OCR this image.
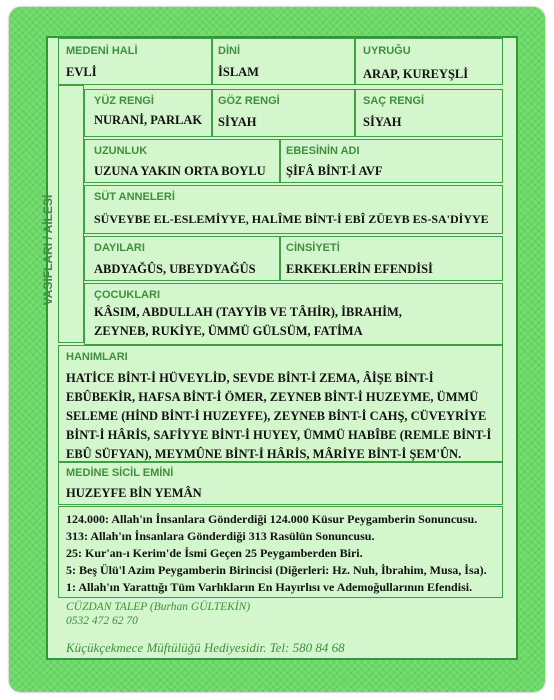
MEDENİ HALİ
EVLİ
DİNİ
İSLAM
UYRUĞU
ARAP, KUREYŞLİ
VASIFLARI / AİLESİ
YÜZ RENGİ
NURANİ, PARLAK
GÖZ RENGİ
SİYAH
SAÇ RENGİ
SİYAH
UZUNLUK
UZUNA YAKIN ORTA BOYLU
EBESİNİN ADI
ŞİFÂ BİNT-İ AVF
SÜT ANNELERİ
SÜVEYBE EL-ESLEMİYYE, HALÎME BİNT-İ EBÎ ZÜEYB ES-SA'DİYYE
DAYILARI
ABDYAĞÛS, UBEYDYAĞÛS
CİNSİYETİ
ERKEKLERİN EFENDİSİ
ÇOCUKLARI
KÂSIM, ABDULLAH (TAYYİB VE TÂHİR), İBRAHİM, ZEYNEB, RUKİYE, ÜMMÜ GÜLSÜM, FATİMA
HANIMLARI
HATİCE BİNT-İ HÜVEYLİD, SEVDE BİNT-İ ZEMA, ÂİŞE BİNT-İ EBÛBEKİR, HAFSA BİNT-İ ÖMER, ZEYNEB BİNT-İ HUZEYME, ÜMMÜ SELEME (HİND BİNT-İ HUZEYFE), ZEYNEB BİNT-İ CAHŞ, CÜVEYRİYE BİNT-İ HÂRİS, SAFİYYE BİNT-İ HUYEY, ÜMMÜ HABÎBE (REMLE BİNT-İ EBÛ SÜFYAN), MEYMÛNE BİNT-İ HÂRİS, MÂRİYE BİNT-İ ŞEM'ÛN.
MEDİNE SİCİL EMİNİ
HUZEYFE BİN YEMÂN
124.000: Allah'ın İnsanlara Gönderdiği 124.000 Küsur Peygamberin Sonuncusu.
313: Allah'ın İnsanlara Gönderdiği 313 Rasülün Sonuncusu.
25: Kur'an-ı Kerim'de İsmi Geçen 25 Peygamberden Biri.
5: Beş Ülü'l Azim Peygamberin Birincisi (Diğerleri: Hz. Nuh, İbrahim, Musa, İsa).
1: Allah'ın Yarattığı Tüm Varlıkların En Hayırlısı ve Ademoğullarının Efendisi.
CÜZDAN TALEP (Burhan GÜLTEKİN)
0532 472 62 70
Küçükçekmece Müftülüğü Hediyesidir. Tel: 580 84 68
